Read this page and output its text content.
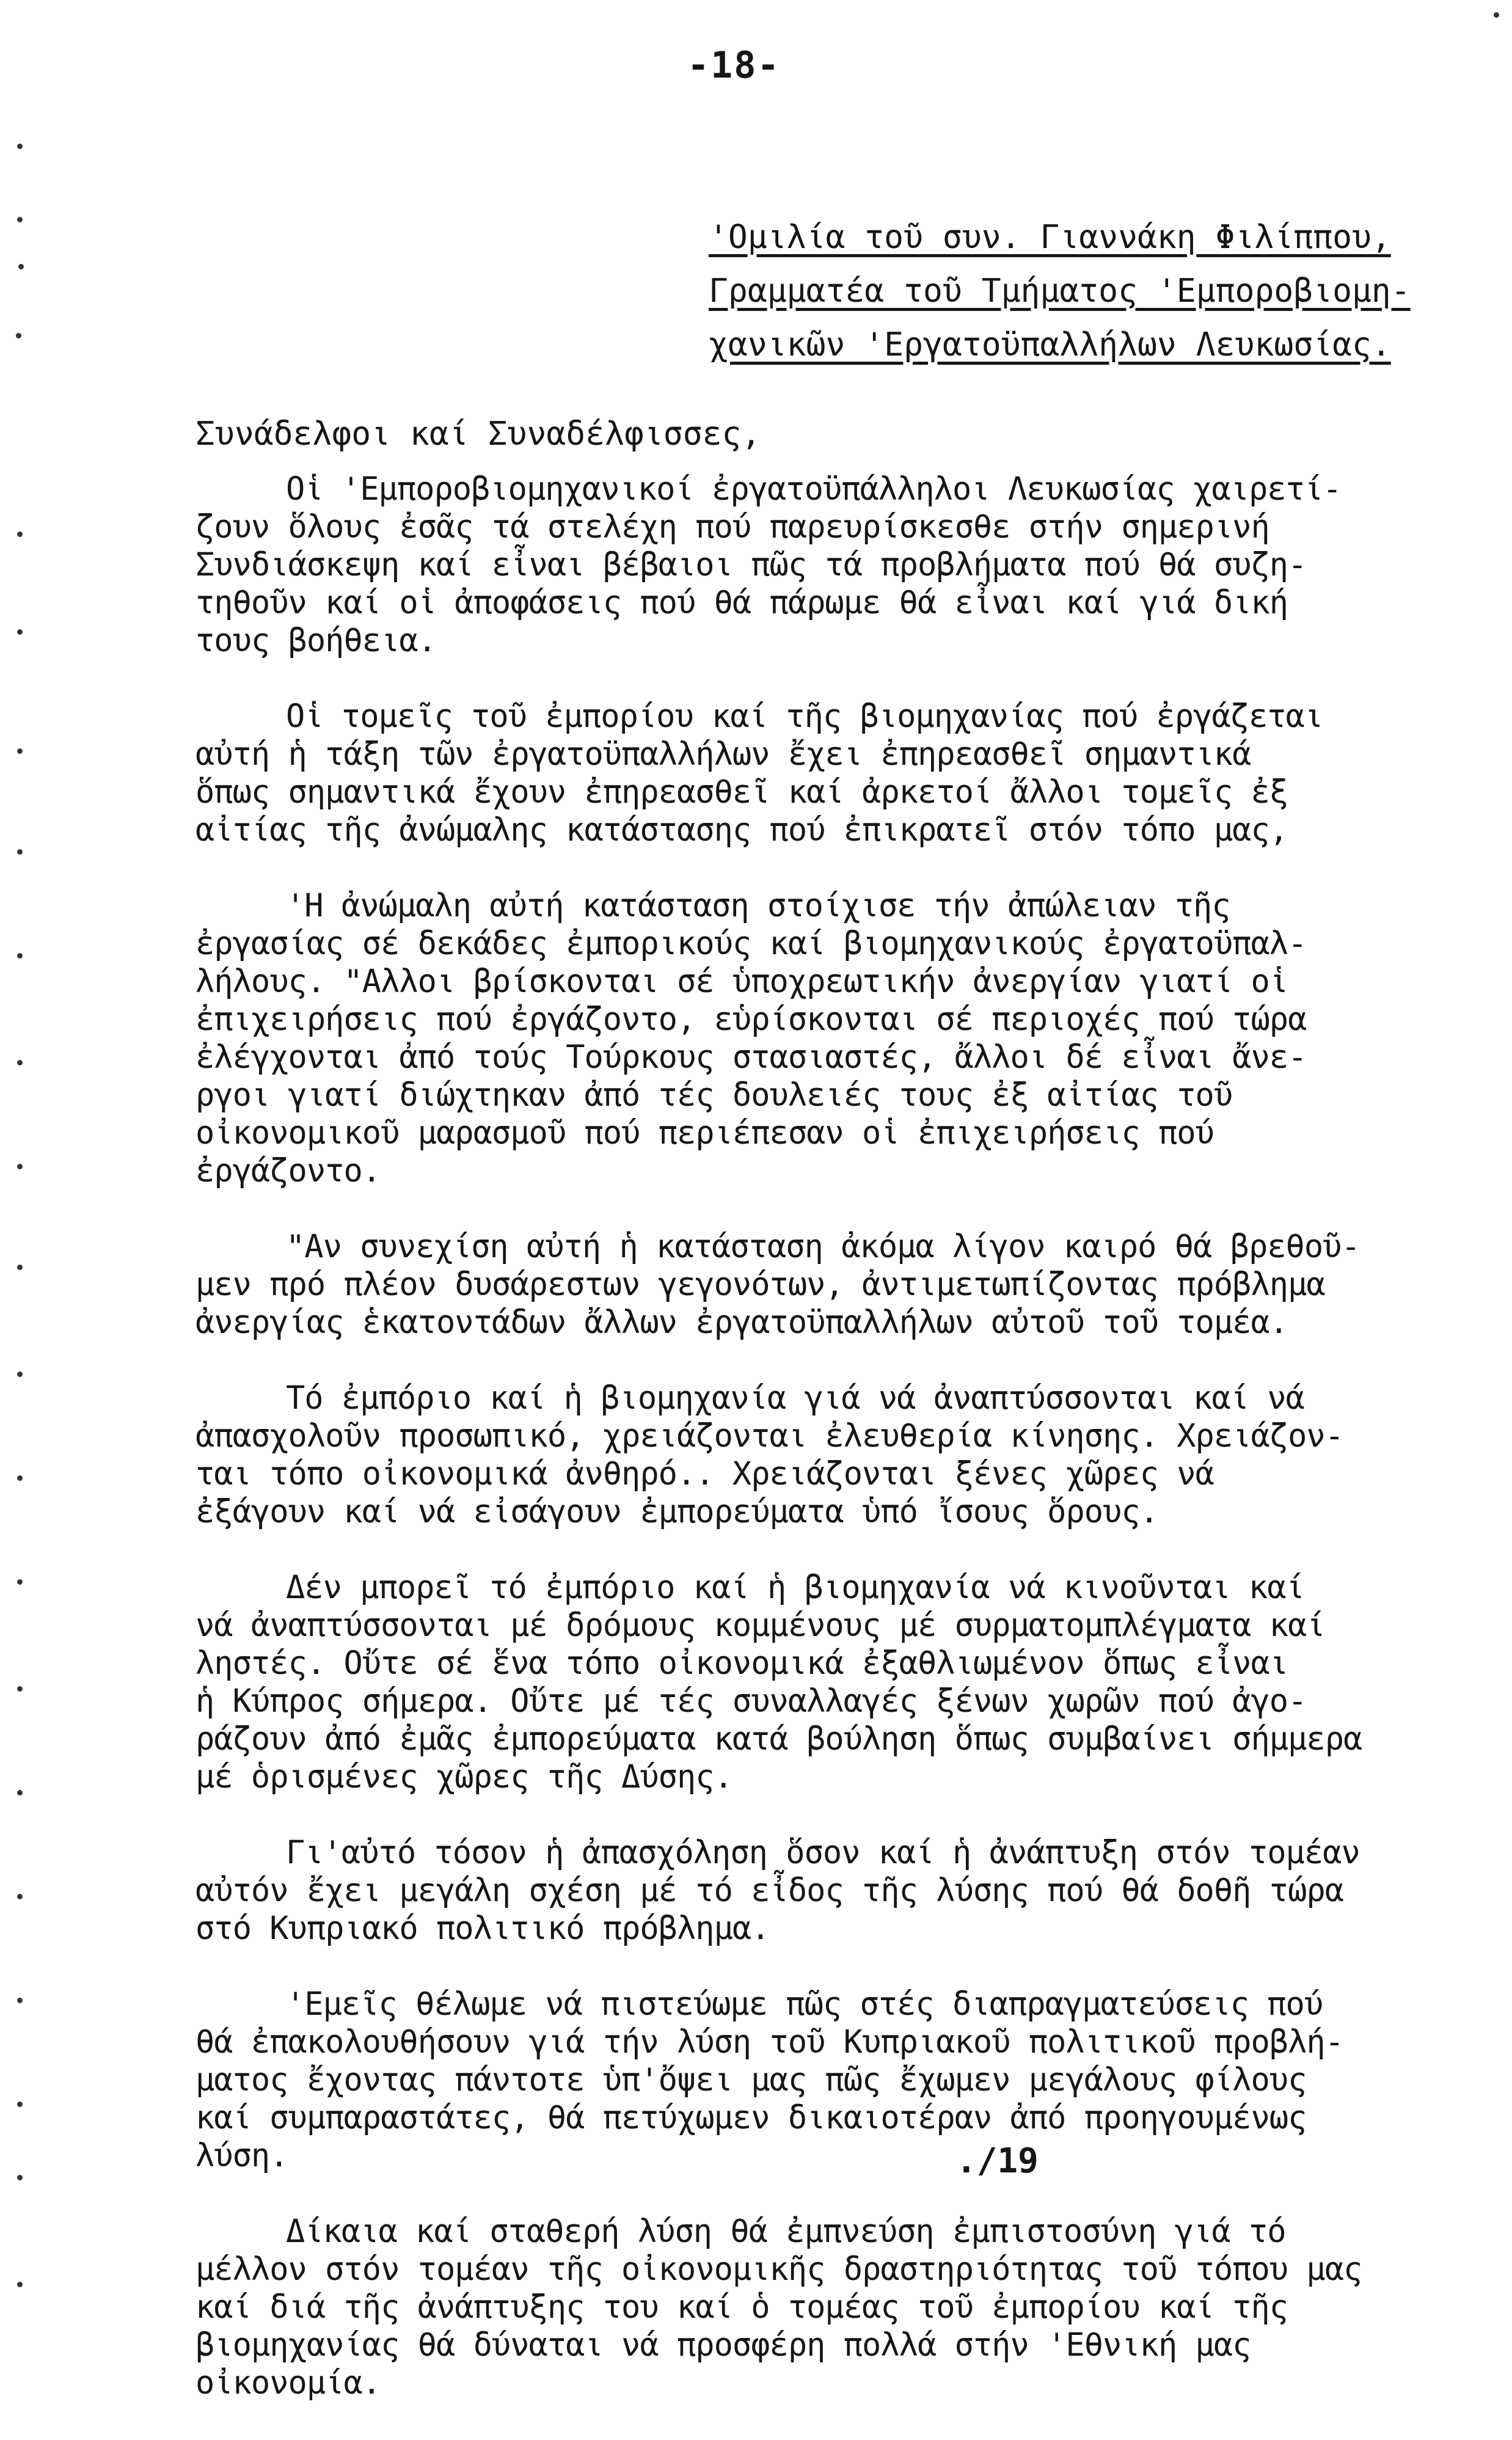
-18-
'Ομιλία τοῦ συν. Γιαννάκη Φιλίππου,
Γραμματέα τοῦ Τμήματος 'Εμποροβιομη-
χανικῶν 'Εργατοϋπαλλήλων Λευκωσίας.
Συνάδελφοι καί Συναδέλφισσες,
Οἱ 'Εμποροβιομηχανικοί ἐργατοϋπάλληλοι Λευκωσίας χαιρετί-
ζουν ὅλους ἐσᾶς τά στελέχη πού παρευρίσκεσθε στήν σημερινή
Συνδιάσκεψη καί εἶναι βέβαιοι πῶς τά προβλήματα πού θά συζη-
τηθοῦν καί οἱ ἀποφάσεις πού θά πάρωμε θά εἶναι καί γιά δική
τους βοήθεια.
Οἱ τομεῖς τοῦ ἐμπορίου καί τῆς βιομηχανίας πού ἐργάζεται
αὐτή ἡ τάξη τῶν ἐργατοϋπαλλήλων ἔχει ἐπηρεασθεῖ σημαντικά
ὅπως σημαντικά ἔχουν ἐπηρεασθεῖ καί ἀρκετοί ἄλλοι τομεῖς ἐξ
αἰτίας τῆς ἀνώμαλης κατάστασης πού ἐπικρατεῖ στόν τόπο μας,
'Η ἀνώμαλη αὐτή κατάσταση στοίχισε τήν ἀπώλειαν τῆς
ἐργασίας σέ δεκάδες ἐμπορικούς καί βιομηχανικούς ἐργατοϋπαλ-
λήλους. "Αλλοι βρίσκονται σέ ὑποχρεωτικήν ἀνεργίαν γιατί οἱ
ἐπιχειρήσεις πού ἐργάζοντο, εὑρίσκονται σέ περιοχές πού τώρα
ἐλέγχονται ἀπό τούς Τούρκους στασιαστές, ἄλλοι δέ εἶναι ἄνε-
ργοι γιατί διώχτηκαν ἀπό τές δουλειές τους ἐξ αἰτίας τοῦ
οἰκονομικοῦ μαρασμοῦ πού περιέπεσαν οἱ ἐπιχειρήσεις πού
ἐργάζοντο.
"Αν συνεχίση αὐτή ἡ κατάσταση ἀκόμα λίγον καιρό θά βρεθοῦ-
μεν πρό πλέον δυσάρεστων γεγονότων, ἀντιμετωπίζοντας πρόβλημα
ἀνεργίας ἑκατοντάδων ἄλλων ἐργατοϋπαλλήλων αὐτοῦ τοῦ τομέα.
Τό ἐμπόριο καί ἡ βιομηχανία γιά νά ἀναπτύσσονται καί νά
ἀπασχολοῦν προσωπικό, χρειάζονται ἐλευθερία κίνησης. Χρειάζον-
ται τόπο οἰκονομικά ἀνθηρό.. Χρειάζονται ξένες χῶρες νά
ἐξάγουν καί νά εἰσάγουν ἐμπορεύματα ὑπό ἴσους ὅρους.
Δέν μπορεῖ τό ἐμπόριο καί ἡ βιομηχανία νά κινοῦνται καί
νά ἀναπτύσσονται μέ δρόμους κομμένους μέ συρματομπλέγματα καί
ληστές. Οὔτε σέ ἕνα τόπο οἰκονομικά ἐξαθλιωμένον ὅπως εἶναι
ἡ Κύπρος σήμερα. Οὔτε μέ τές συναλλαγές ξένων χωρῶν πού ἀγο-
ράζουν ἀπό ἐμᾶς ἐμπορεύματα κατά βούληση ὅπως συμβαίνει σήμμερα
μέ ὁρισμένες χῶρες τῆς Δύσης.
Γι'αὐτό τόσον ἡ ἀπασχόληση ὅσον καί ἡ ἀνάπτυξη στόν τομέαν
αὐτόν ἔχει μεγάλη σχέση μέ τό εἶδος τῆς λύσης πού θά δοθῆ τώρα
στό Κυπριακό πολιτικό πρόβλημα.
'Εμεῖς θέλωμε νά πιστεύωμε πῶς στές διαπραγματεύσεις πού
θά ἐπακολουθήσουν γιά τήν λύση τοῦ Κυπριακοῦ πολιτικοῦ προβλή-
ματος ἔχοντας πάντοτε ὑπ'ὄψει μας πῶς ἔχωμεν μεγάλους φίλους
καί συμπαραστάτες, θά πετύχωμεν δικαιοτέραν ἀπό προηγουμένως
λύση.
Δίκαια καί σταθερή λύση θά ἐμπνεύση ἐμπιστοσύνη γιά τό
μέλλον στόν τομέαν τῆς οἰκονομικῆς δραστηριότητας τοῦ τόπου μας
καί διά τῆς ἀνάπτυξης του καί ὁ τομέας τοῦ ἐμπορίου καί τῆς
βιομηχανίας θά δύναται νά προσφέρη πολλά στήν 'Εθνική μας
οἰκονομία.
./19
